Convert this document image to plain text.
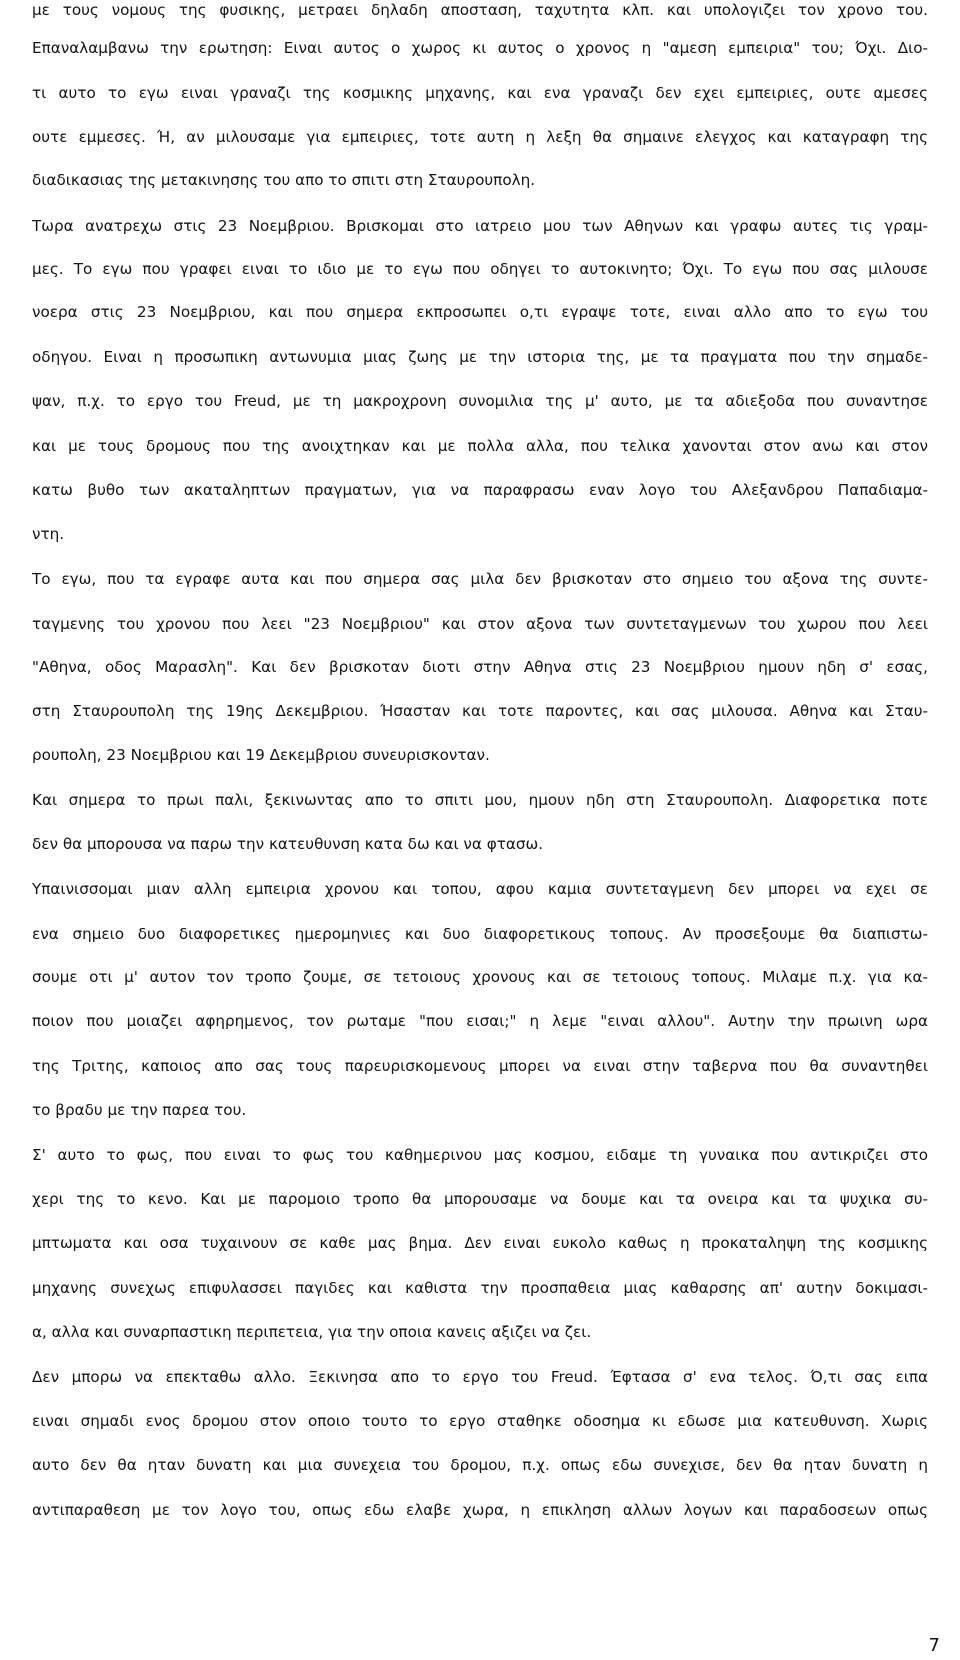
με τους νομους της φυσικης, μετραει δηλαδη αποσταση, ταχυτητα κλπ. και υπολογιζει τον χρονο του.
Επαναλαμβανω την ερωτηση: Ειναι αυτος ο χωρος κι αυτος ο χρονος η "αμεση εμπειρια" του; Όχι. Διο-
τι αυτο το εγω ειναι γραναζι της κοσμικης μηχανης, και ενα γραναζι δεν εχει εμπειριες, ουτε αμεσες
ουτε εμμεσες. Ή, αν μιλουσαμε για εμπειριες, τοτε αυτη η λεξη θα σημαινε ελεγχος και καταγραφη της
διαδικασιας της μετακινησης του απο το σπιτι στη Σταυρουπολη.
Τωρα ανατρεχω στις 23 Νοεμβριου. Βρισκομαι στο ιατρειο μου των Αθηνων και γραφω αυτες τις γραμ-
μες. Το εγω που γραφει ειναι το ιδιο με το εγω που οδηγει το αυτοκινητο; Όχι. Το εγω που σας μιλουσε
νοερα στις 23 Νοεμβριου, και που σημερα εκπροσωπει ο,τι εγραψε τοτε, ειναι αλλο απο το εγω του
οδηγου. Ειναι η προσωπικη αντωνυμια μιας ζωης με την ιστορια της, με τα πραγματα που την σημαδε-
ψαν, π.χ. το εργο του Freud, με τη μακροχρονη συνομιλια της μ' αυτο, με τα αδιεξοδα που συναντησε
και με τους δρομους που της ανοιχτηκαν και με πολλα αλλα, που τελικα χανονται στον ανω και στον
κατω βυθο των ακαταληπτων πραγματων, για να παραφρασω εναν λογο του Αλεξανδρου Παπαδιαμα-
ντη.
Το εγω, που τα εγραφε αυτα και που σημερα σας μιλα δεν βρισκοταν στο σημειο του αξονα της συντε-
ταγμενης του χρονου που λεει "23 Νοεμβριου" και στον αξονα των συντεταγμενων του χωρου που λεει
"Αθηνα, οδος Μαρασλη". Και δεν βρισκοταν διοτι στην Αθηνα στις 23 Νοεμβριου ημουν ηδη σ' εσας,
στη Σταυρουπολη της 19ης Δεκεμβριου. Ήσασταν και τοτε παροντες, και σας μιλουσα. Αθηνα και Σταυ-
ρουπολη, 23 Νοεμβριου και 19 Δεκεμβριου συνευρισκονταν.
Και σημερα το πρωι παλι, ξεκινωντας απο το σπιτι μου, ημουν ηδη στη Σταυρουπολη. Διαφορετικα ποτε
δεν θα μπορουσα να παρω την κατευθυνση κατα δω και να φτασω.
Υπαινισσομαι μιαν αλλη εμπειρια χρονου και τοπου, αφου καμια συντεταγμενη δεν μπορει να εχει σε
ενα σημειο δυο διαφορετικες ημερομηνιες και δυο διαφορετικους τοπους. Αν προσεξουμε θα διαπιστω-
σουμε οτι μ' αυτον τον τροπο ζουμε, σε τετοιους χρονους και σε τετοιους τοπους. Μιλαμε π.χ. για κα-
ποιον που μοιαζει αφηρημενος, τον ρωταμε "που εισαι;" η λεμε "ειναι αλλου". Αυτην την πρωινη ωρα
της Τριτης, καποιος απο σας τους παρευρισκομενους μπορει να ειναι στην ταβερνα που θα συναντηθει
το βραδυ με την παρεα του.
Σ' αυτο το φως, που ειναι το φως του καθημερινου μας κοσμου, ειδαμε τη γυναικα που αντικριζει στο
χερι της το κενο. Και με παρομοιο τροπο θα μπορουσαμε να δουμε και τα ονειρα και τα ψυχικα συ-
μπτωματα και οσα τυχαινουν σε καθε μας βημα. Δεν ειναι ευκολο καθως η προκαταληψη της κοσμικης
μηχανης συνεχως επιφυλασσει παγιδες και καθιστα την προσπαθεια μιας καθαρσης απ' αυτην δοκιμασι-
α, αλλα και συναρπαστικη περιπετεια, για την οποια κανεις αξιζει να ζει.
Δεν μπορω να επεκταθω αλλο. Ξεκινησα απο το εργο του Freud. Έφτασα σ' ενα τελος. Ό,τι σας ειπα
ειναι σημαδι ενος δρομου στον οποιο τουτο το εργο σταθηκε οδοσημα κι εδωσε μια κατευθυνση. Χωρις
αυτο δεν θα ηταν δυνατη και μια συνεχεια του δρομου, π.χ. οπως εδω συνεχισε, δεν θα ηταν δυνατη η
αντιπαραθεση με τον λογο του, οπως εδω ελαβε χωρα, η επικληση αλλων λογων και παραδοσεων οπως
7
